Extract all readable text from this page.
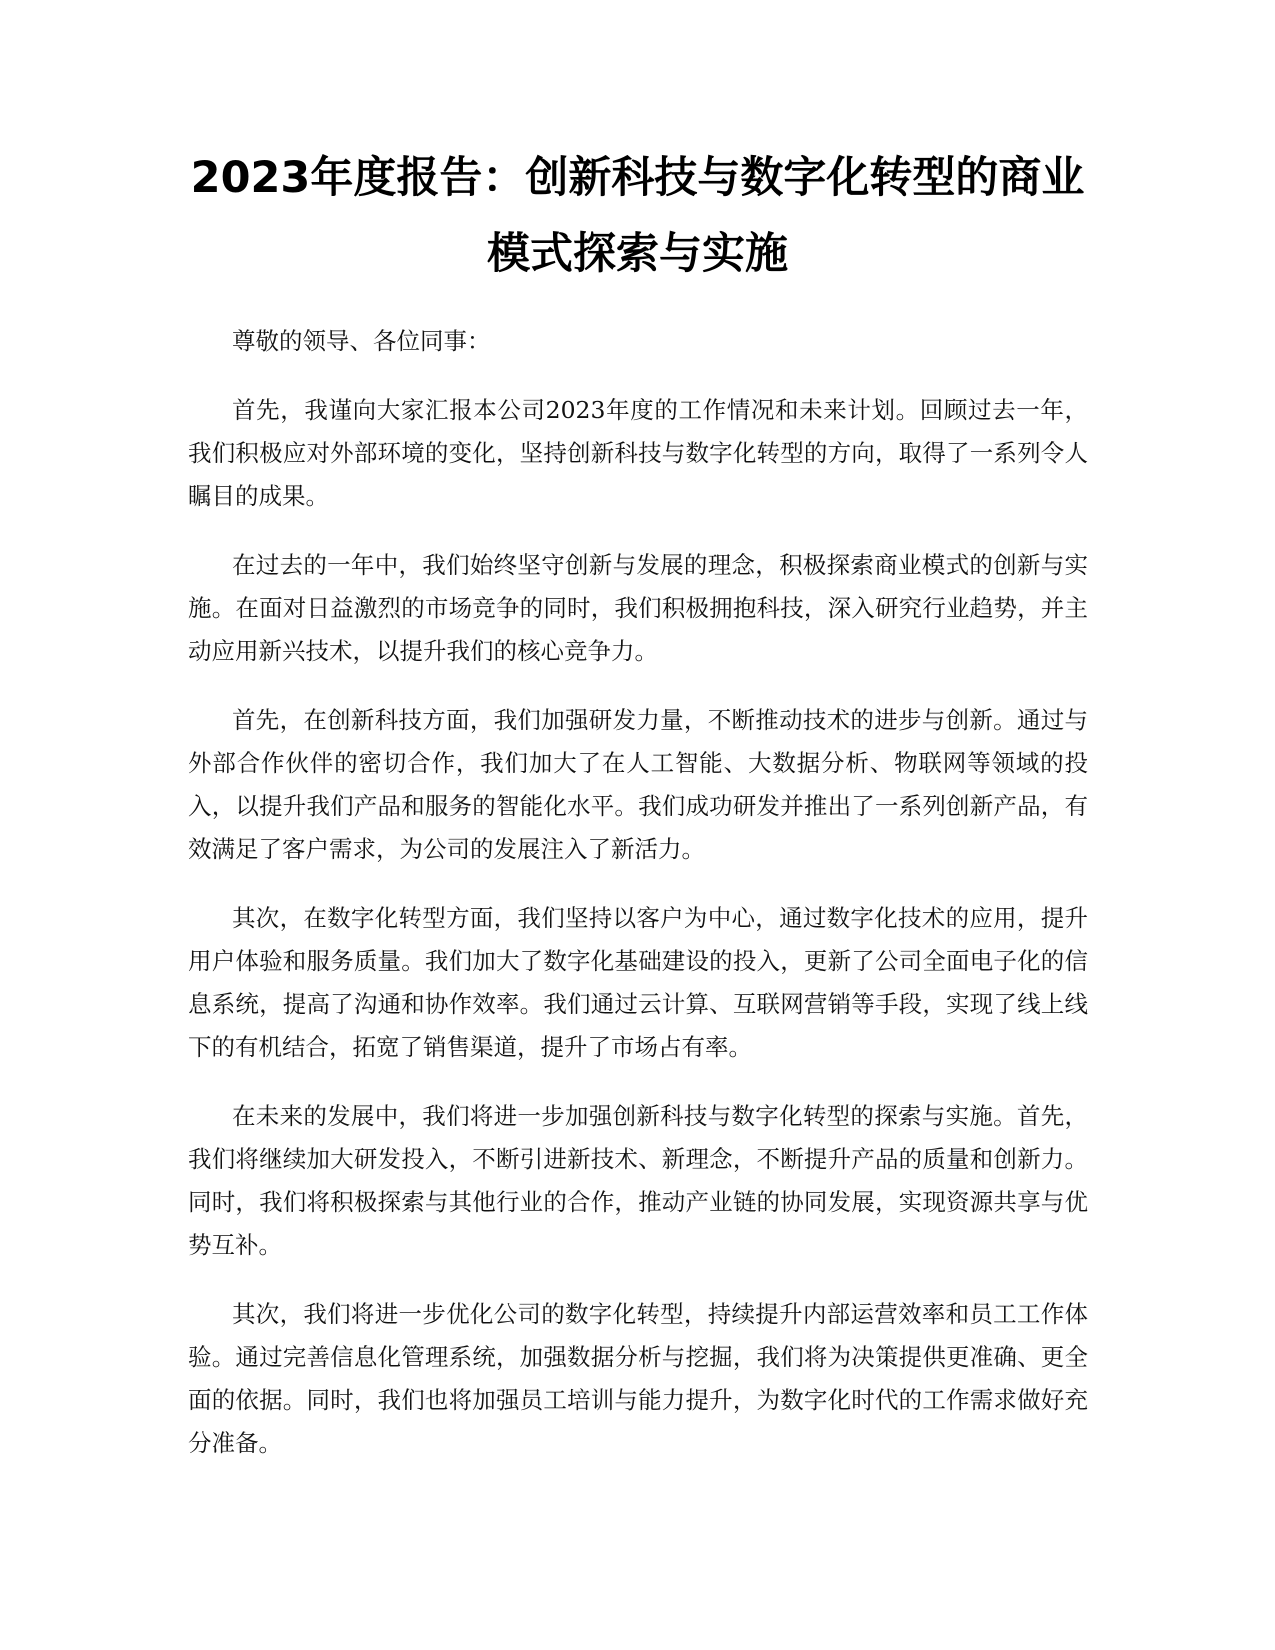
2023年度报告：创新科技与数字化转型的商业模式探索与实施

尊敬的领导、各位同事：

首先，我谨向大家汇报本公司2023年度的工作情况和未来计划。回顾过去一年，我们积极应对外部环境的变化，坚持创新科技与数字化转型的方向，取得了一系列令人瞩目的成果。

在过去的一年中，我们始终坚守创新与发展的理念，积极探索商业模式的创新与实施。在面对日益激烈的市场竞争的同时，我们积极拥抱科技，深入研究行业趋势，并主动应用新兴技术，以提升我们的核心竞争力。

首先，在创新科技方面，我们加强研发力量，不断推动技术的进步与创新。通过与外部合作伙伴的密切合作，我们加大了在人工智能、大数据分析、物联网等领域的投入，以提升我们产品和服务的智能化水平。我们成功研发并推出了一系列创新产品，有效满足了客户需求，为公司的发展注入了新活力。

其次，在数字化转型方面，我们坚持以客户为中心，通过数字化技术的应用，提升用户体验和服务质量。我们加大了数字化基础建设的投入，更新了公司全面电子化的信息系统，提高了沟通和协作效率。我们通过云计算、互联网营销等手段，实现了线上线下的有机结合，拓宽了销售渠道，提升了市场占有率。

在未来的发展中，我们将进一步加强创新科技与数字化转型的探索与实施。首先，我们将继续加大研发投入，不断引进新技术、新理念，不断提升产品的质量和创新力。同时，我们将积极探索与其他行业的合作，推动产业链的协同发展，实现资源共享与优势互补。

其次，我们将进一步优化公司的数字化转型，持续提升内部运营效率和员工工作体验。通过完善信息化管理系统，加强数据分析与挖掘，我们将为决策提供更准确、更全面的依据。同时，我们也将加强员工培训与能力提升，为数字化时代的工作需求做好充分准备。
